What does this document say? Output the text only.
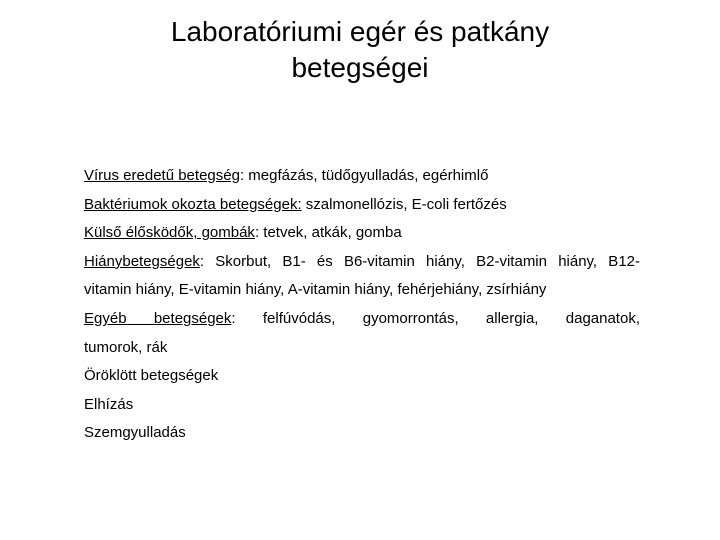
Laboratóriumi egér és patkány
betegségei

Vírus eredetű betegség: megfázás, tüdőgyulladás, egérhimlő

Baktériumok okozta betegségek: szalmonellózis, E-coli fertőzés

Külső élősködők, gombák: tetvek, atkák, gomba

Hiánybetegségek: Skorbut, B1- és B6-vitamin hiány, B2-vitamin hiány, B12-
vitamin hiány, E-vitamin hiány, A-vitamin hiány, fehérjehiány, zsírhiány
Egyéb betegségek: felfúvódás, gyomorrontás, allergia, daganatok,
tumorok, rák

Öröklött betegségek

Elhízás

Szemgyulladás
